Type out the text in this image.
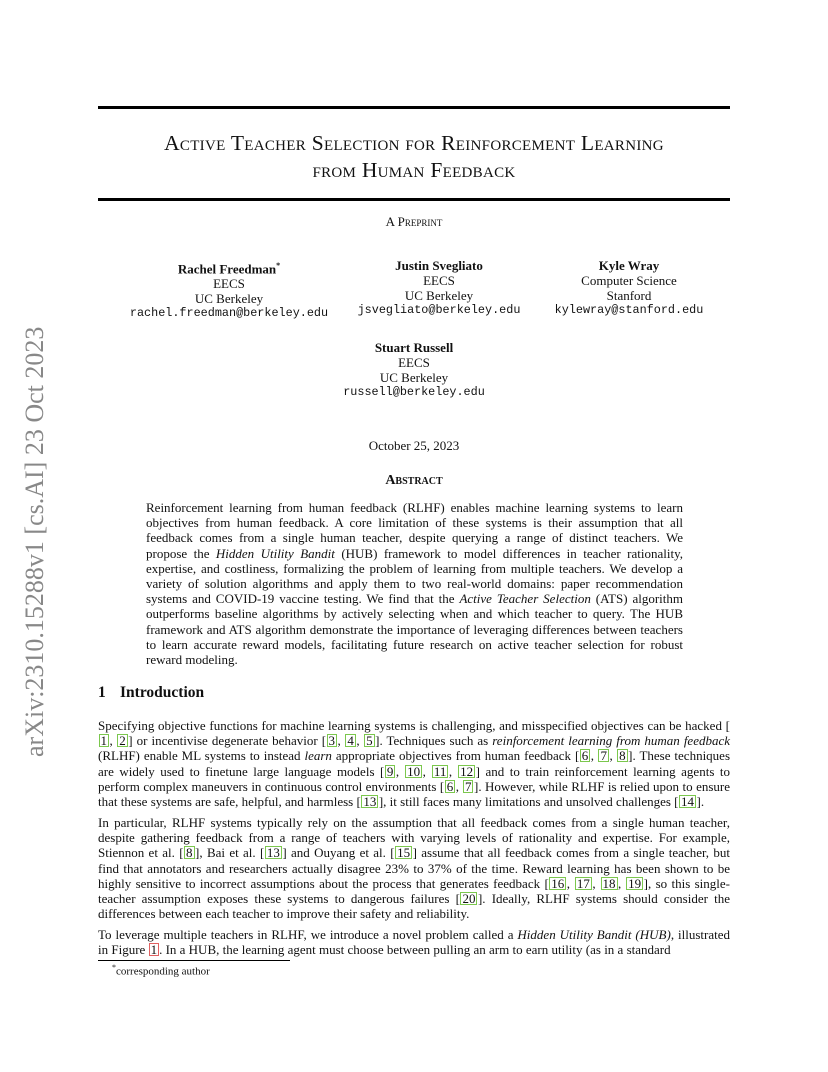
arXiv:2310.15288v1 [cs.AI] 23 Oct 2023
Active Teacher Selection for Reinforcement Learning
from Human Feedback
A Preprint
Rachel Freedman*
EECS
UC Berkeley
rachel.freedman@berkeley.edu
Justin Svegliato
EECS
UC Berkeley
jsvegliato@berkeley.edu
Kyle Wray
Computer Science
Stanford
kylewray@stanford.edu
Stuart Russell
EECS
UC Berkeley
russell@berkeley.edu
October 25, 2023
Abstract

Reinforcement learning from human feedback (RLHF) enables machine learning systems to learn objectives from human feedback. A core limitation of these systems is their assumption that all feedback comes from a single human teacher, despite querying a range of distinct teachers. We propose the Hidden Utility Bandit (HUB) framework to model differences in teacher rationality, expertise, and costliness, formalizing the problem of learning from multiple teachers. We develop a variety of solution algorithms and apply them to two real-world domains: paper recommendation systems and COVID-19 vaccine testing. We find that the Active Teacher Selection (ATS) algorithm outperforms baseline algorithms by actively selecting when and which teacher to query. The HUB framework and ATS algorithm demonstrate the importance of leveraging differences between teachers to learn accurate reward models, facilitating future research on active teacher selection for robust reward modeling.

1 Introduction

Specifying objective functions for machine learning systems is challenging, and misspecified objectives can be hacked [1 , 2 ] or incentivise degenerate behavior [ 3 , 4 , 5 ]. Techniques such as reinforcement learning from human feedback (RLHF) enable ML systems to instead learn appropriate objectives from human feedback [ 6 , 7 , 8 ]. These techniques are widely used to finetune large language models [ 9 , 10 , 11 , 12 ] and to train reinforcement learning agents to perform complex maneuvers in continuous control environments [ 6 , 7 ]. However, while RLHF is relied upon to ensure that these systems are safe, helpful, and harmless [ 13 ], it still faces many limitations and unsolved challenges [ 14 ].

In particular, RLHF systems typically rely on the assumption that all feedback comes from a single human teacher, despite gathering feedback from a range of teachers with varying levels of rationality and expertise. For example, Stiennon et al. [ 8 ], Bai et al. [ 13 ] and Ouyang et al. [ 15 ] assume that all feedback comes from a single teacher, but find that annotators and researchers actually disagree 23% to 37% of the time. Reward learning has been shown to be highly sensitive to incorrect assumptions about the process that generates feedback [ 16 , 17 , 18 , 19 ], so this single-teacher assumption exposes these systems to dangerous failures [ 20 ]. Ideally, RLHF systems should consider the differences between each teacher to improve their safety and reliability.

To leverage multiple teachers in RLHF, we introduce a novel problem called a Hidden Utility Bandit (HUB), illustrated in Figure 1 . In a HUB, the learning agent must choose between pulling an arm to earn utility (as in a standard

*corresponding author
